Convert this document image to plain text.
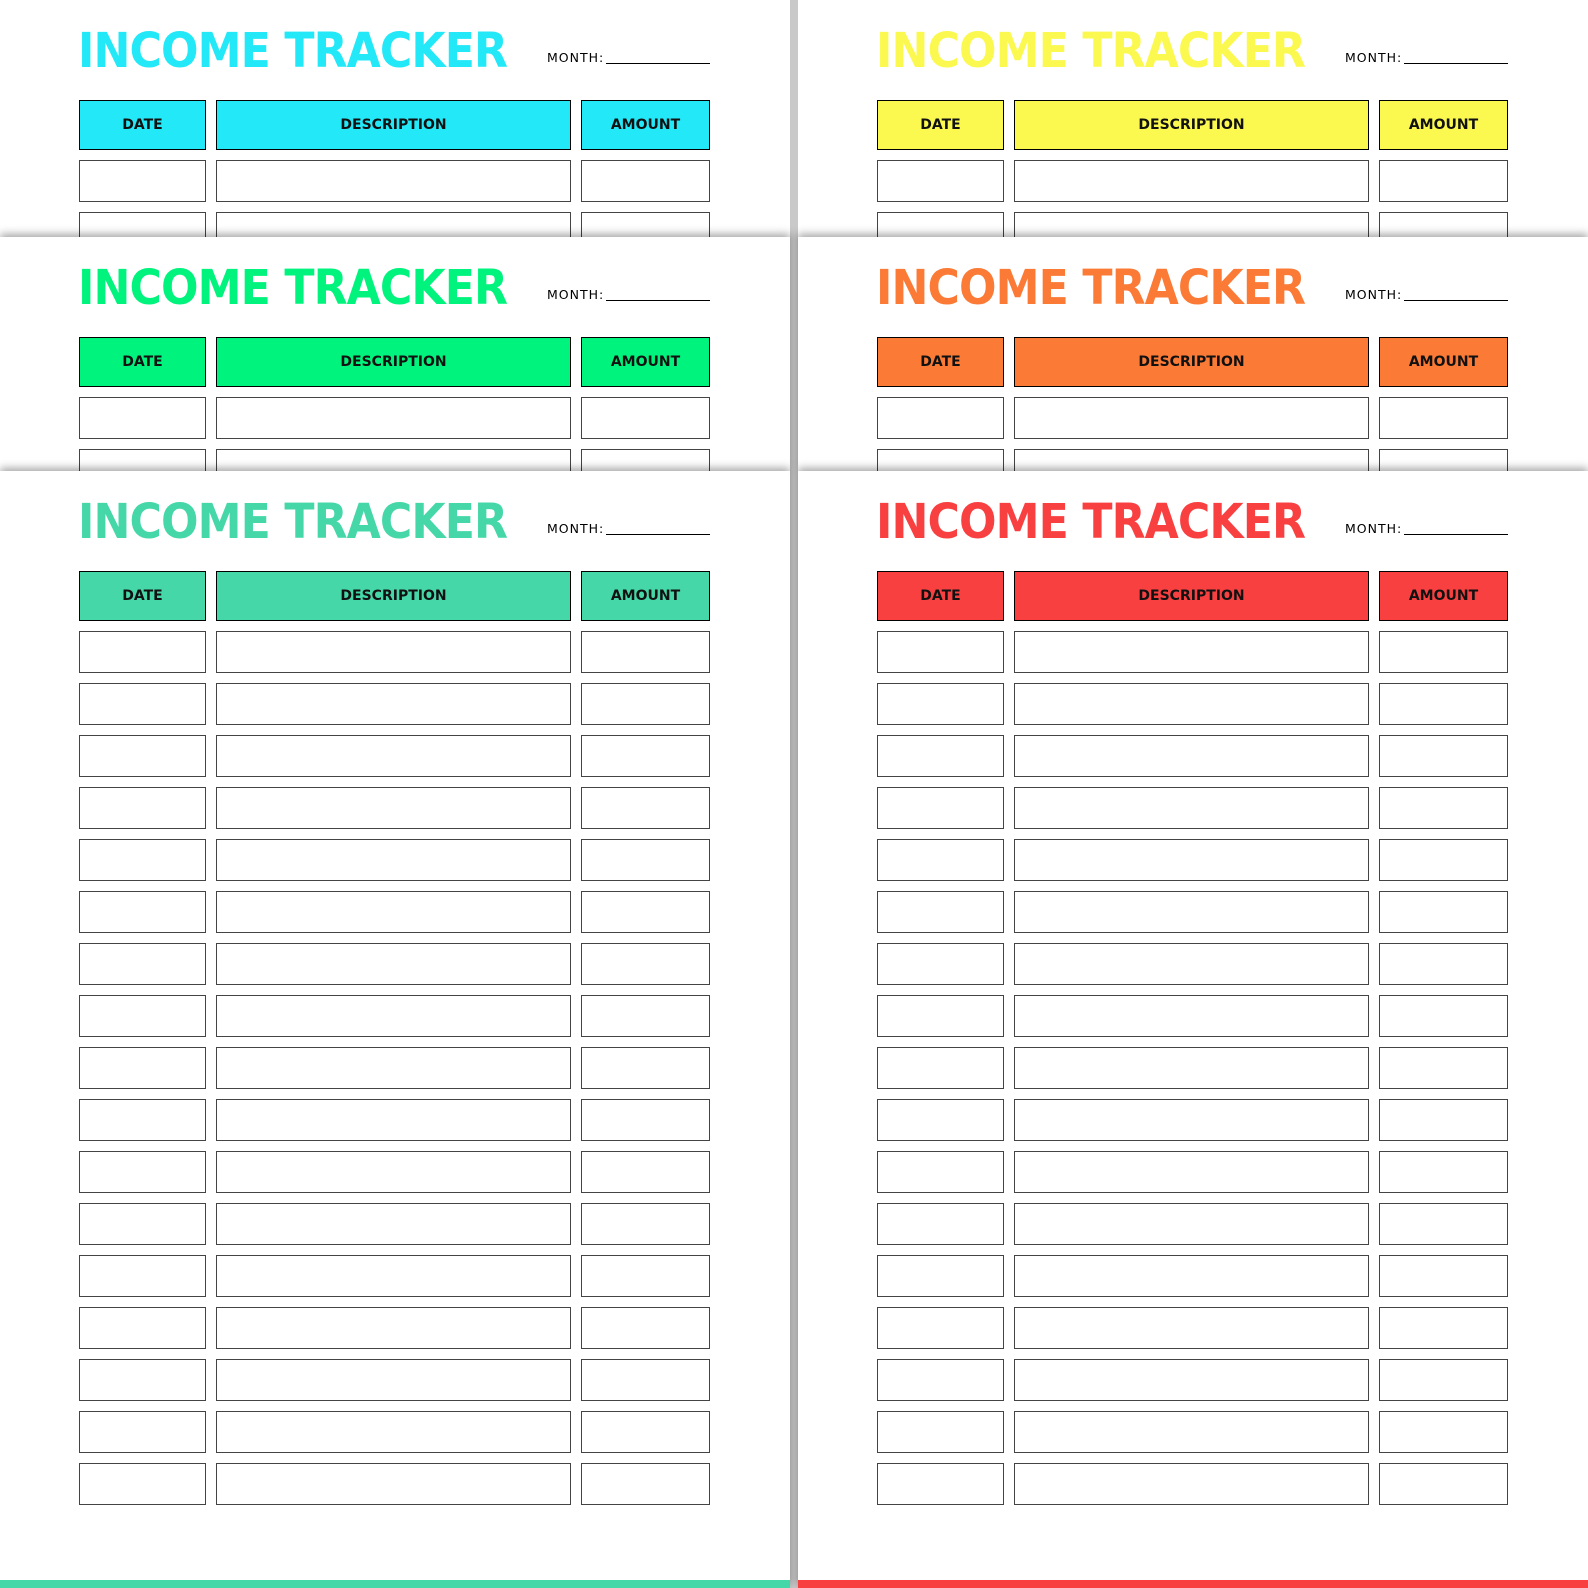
INCOME TRACKER	MONTH:
DATE	DESCRIPTION	AMOUNT
INCOME TRACKER	MONTH:
DATE	DESCRIPTION	AMOUNT
INCOME TRACKER	MONTH:
DATE	DESCRIPTION	AMOUNT
INCOME TRACKER	MONTH:
DATE	DESCRIPTION	AMOUNT
INCOME TRACKER	MONTH:
DATE	DESCRIPTION	AMOUNT
INCOME TRACKER	MONTH:
DATE	DESCRIPTION	AMOUNT
